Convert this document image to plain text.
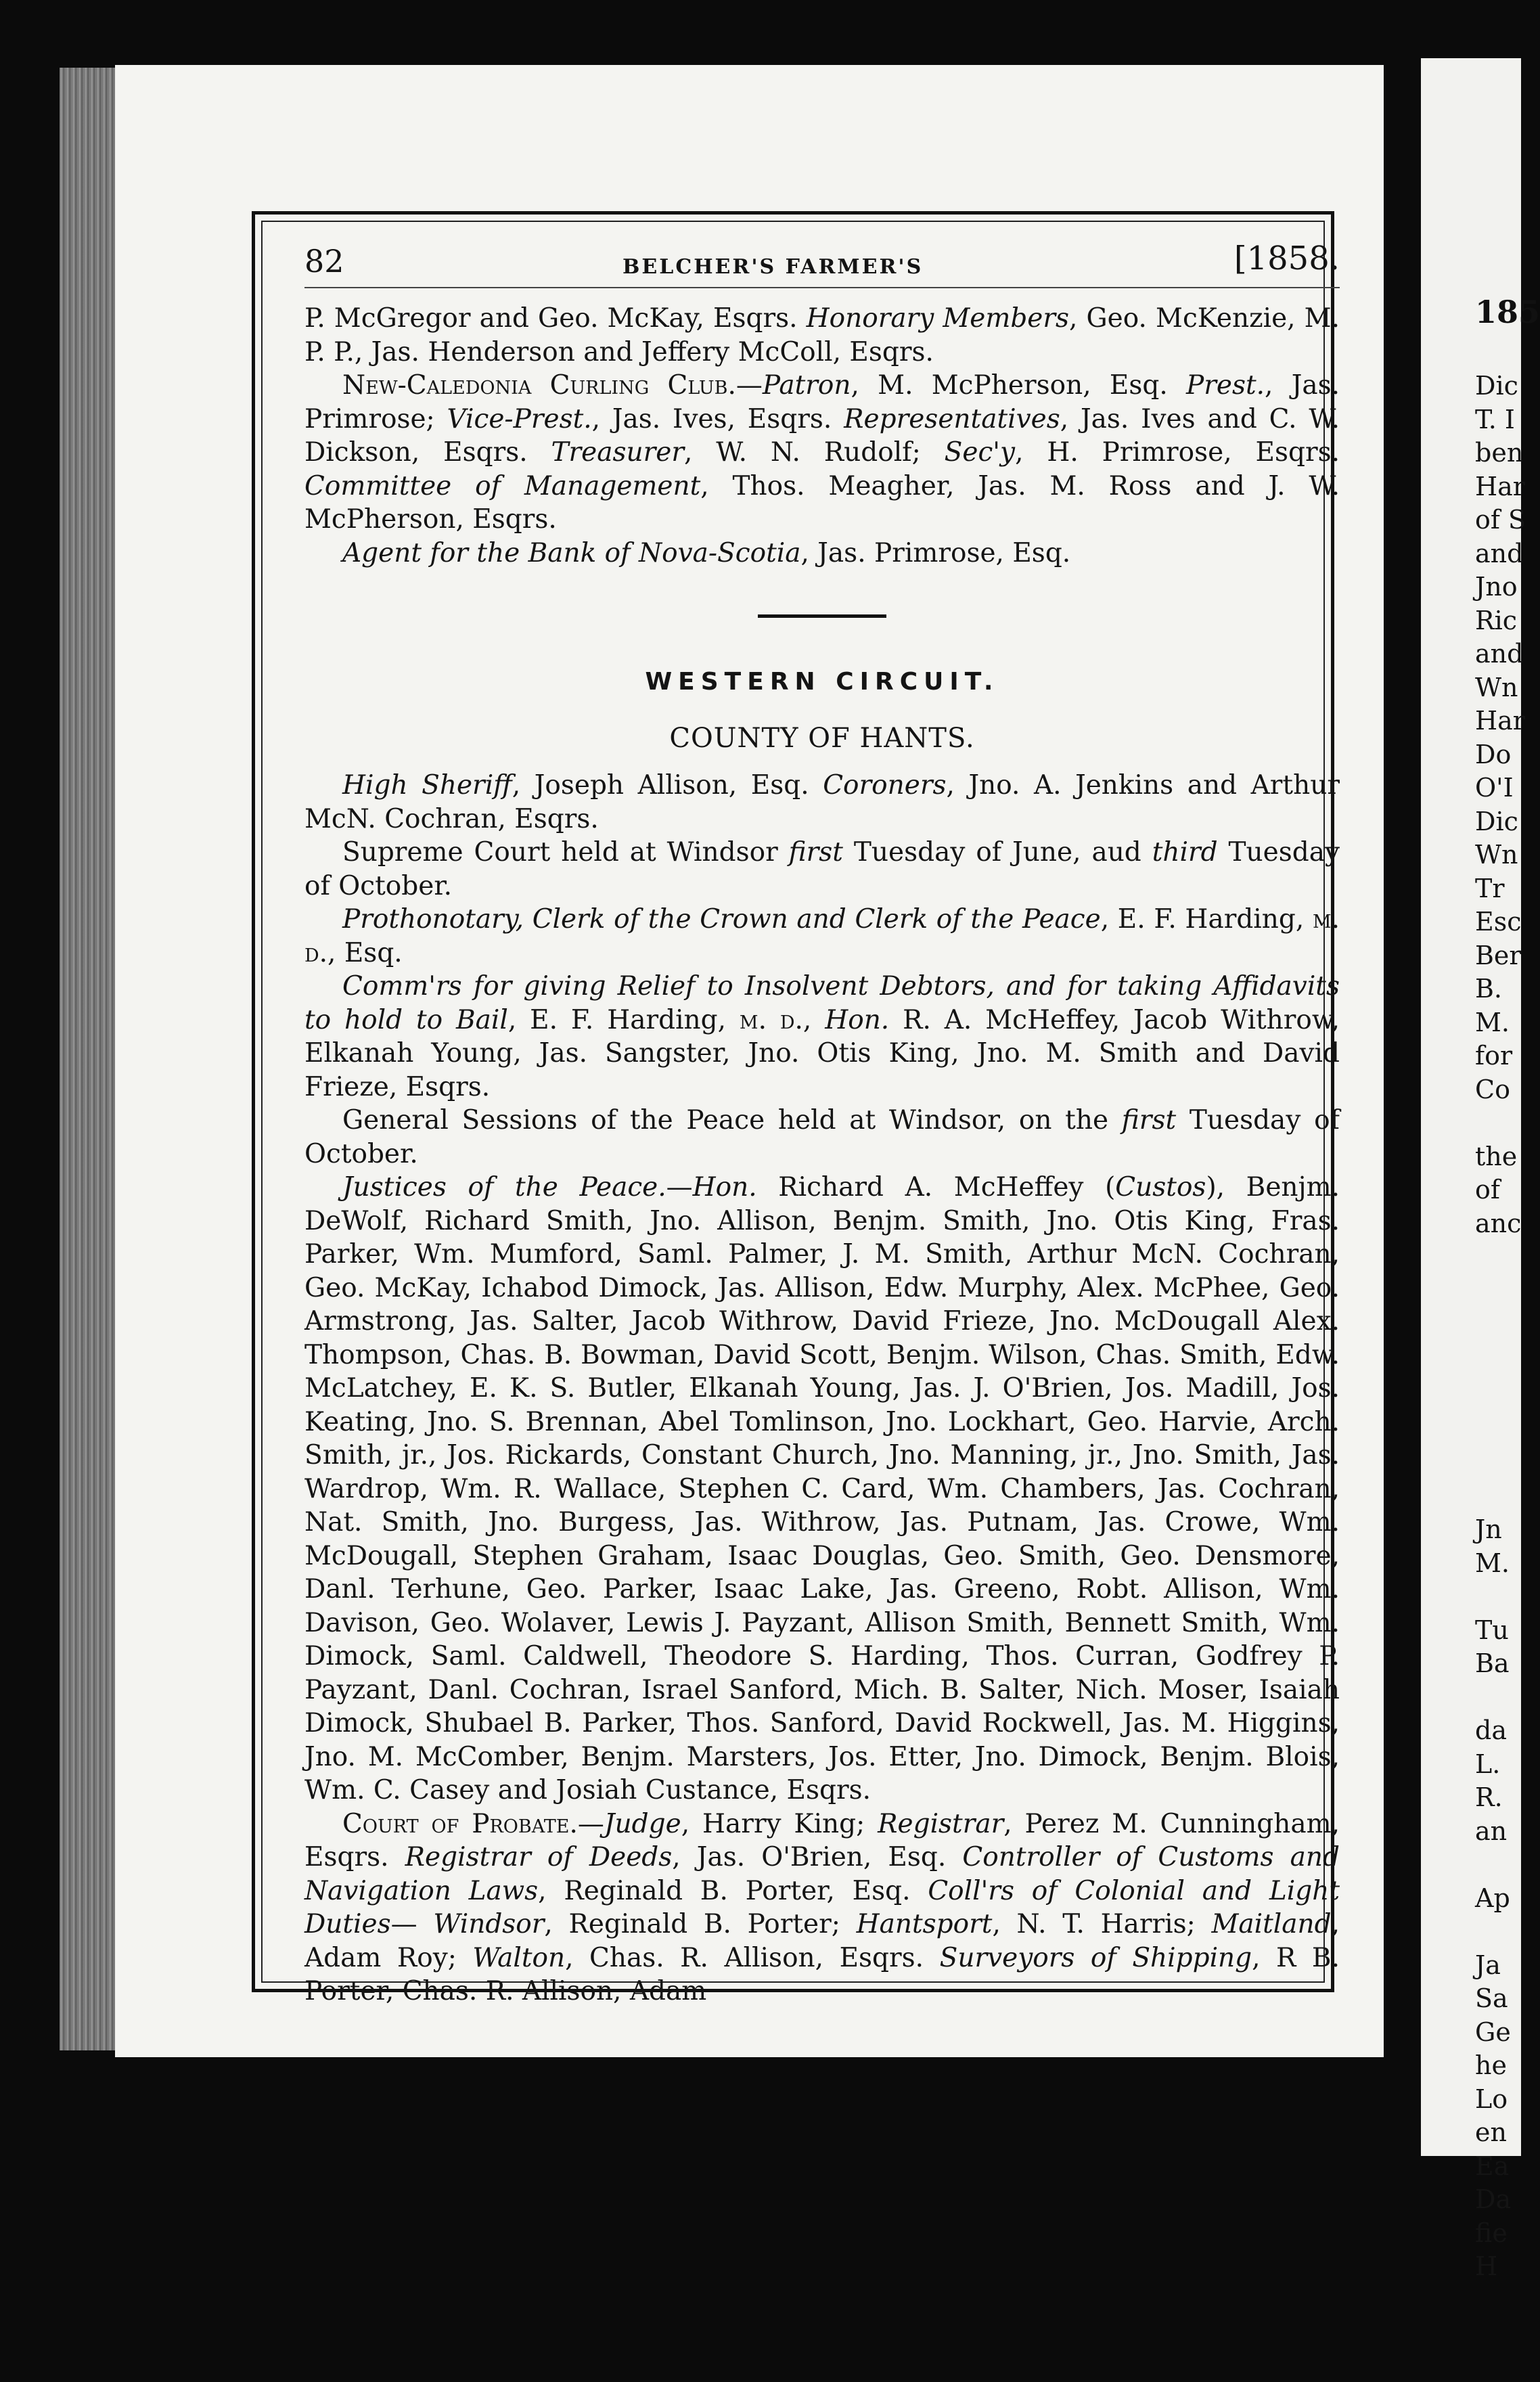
185
Dic
T. I
ben
Har
of S
and
Jno
Ric
and
Wn
Har
Do
O'I
Dic
Wn
Tr
Esc
Ber
B.
M.
for
Co
the
of
anc
Jn
M.
Tu
Ba
da
L.
R.
an
Ap
Ja
Sa
Ge
he
Lo
en
Ea
Da
fie
H
82	BELCHER'S FARMER'S	[1858.

P. McGregor and Geo. McKay, Esqrs. Honorary Members, Geo. McKenzie, M. P. P., Jas. Henderson and Jeffery McColl, Esqrs.

New-Caledonia Curling Club.—Patron, M. McPherson, Esq. Prest., Jas. Primrose; Vice-Prest., Jas. Ives, Esqrs. Representatives, Jas. Ives and C. W. Dickson, Esqrs. Treasurer, W. N. Rudolf; Sec'y, H. Primrose, Esqrs. Committee of Management, Thos. Meagher, Jas. M. Ross and J. W. McPherson, Esqrs.

Agent for the Bank of Nova-Scotia, Jas. Primrose, Esq.

WESTERN CIRCUIT.
COUNTY OF HANTS.

High Sheriff, Joseph Allison, Esq. Coroners, Jno. A. Jenkins and Arthur McN. Cochran, Esqrs.

Supreme Court held at Windsor first Tuesday of June, aud third Tuesday of October.

Prothonotary, Clerk of the Crown and Clerk of the Peace, E. F. Harding, m. d., Esq.

Comm'rs for giving Relief to Insolvent Debtors, and for taking Affidavits to hold to Bail, E. F. Harding, m. d., Hon. R. A. McHeffey, Jacob Withrow, Elkanah Young, Jas. Sangster, Jno. Otis King, Jno. M. Smith and David Frieze, Esqrs.

General Sessions of the Peace held at Windsor, on the first Tuesday of October.

Justices of the Peace.—Hon. Richard A. McHeffey (Custos), Benjm. DeWolf, Richard Smith, Jno. Allison, Benjm. Smith, Jno. Otis King, Fras. Parker, Wm. Mumford, Saml. Palmer, J. M. Smith, Arthur McN. Cochran, Geo. McKay, Ichabod Dimock, Jas. Allison, Edw. Murphy, Alex. McPhee, Geo. Armstrong, Jas. Salter, Jacob Withrow, David Frieze, Jno. McDougall Alex. Thompson, Chas. B. Bowman, David Scott, Benjm. Wilson, Chas. Smith, Edw. McLatchey, E. K. S. Butler, Elkanah Young, Jas. J. O'Brien, Jos. Madill, Jos. Keating, Jno. S. Brennan, Abel Tomlinson, Jno. Lockhart, Geo. Harvie, Arch. Smith, jr., Jos. Rickards, Constant Church, Jno. Manning, jr., Jno. Smith, Jas. Wardrop, Wm. R. Wallace, Stephen C. Card, Wm. Chambers, Jas. Cochran, Nat. Smith, Jno. Burgess, Jas. Withrow, Jas. Putnam, Jas. Crowe, Wm. McDougall, Stephen Graham, Isaac Douglas, Geo. Smith, Geo. Densmore, Danl. Terhune, Geo. Parker, Isaac Lake, Jas. Greeno, Robt. Allison, Wm. Davison, Geo. Wolaver, Lewis J. Payzant, Allison Smith, Bennett Smith, Wm. Dimock, Saml. Caldwell, Theodore S. Harding, Thos. Curran, Godfrey P. Payzant, Danl. Cochran, Israel Sanford, Mich. B. Salter, Nich. Moser, Isaiah Dimock, Shubael B. Parker, Thos. Sanford, David Rockwell, Jas. M. Higgins, Jno. M. McComber, Benjm. Marsters, Jos. Etter, Jno. Dimock, Benjm. Blois, Wm. C. Casey and Josiah Custance, Esqrs.

Court of Probate.—Judge, Harry King; Registrar, Perez M. Cunningham, Esqrs. Registrar of Deeds, Jas. O'Brien, Esq. Controller of Customs and Navigation Laws, Reginald B. Porter, Esq. Coll'rs of Colonial and Light Duties— Windsor, Reginald B. Porter; Hantsport, N. T. Harris; Maitland, Adam Roy; Walton, Chas. R. Allison, Esqrs. Surveyors of Shipping, R B. Porter, Chas. R. Allison, Adam
